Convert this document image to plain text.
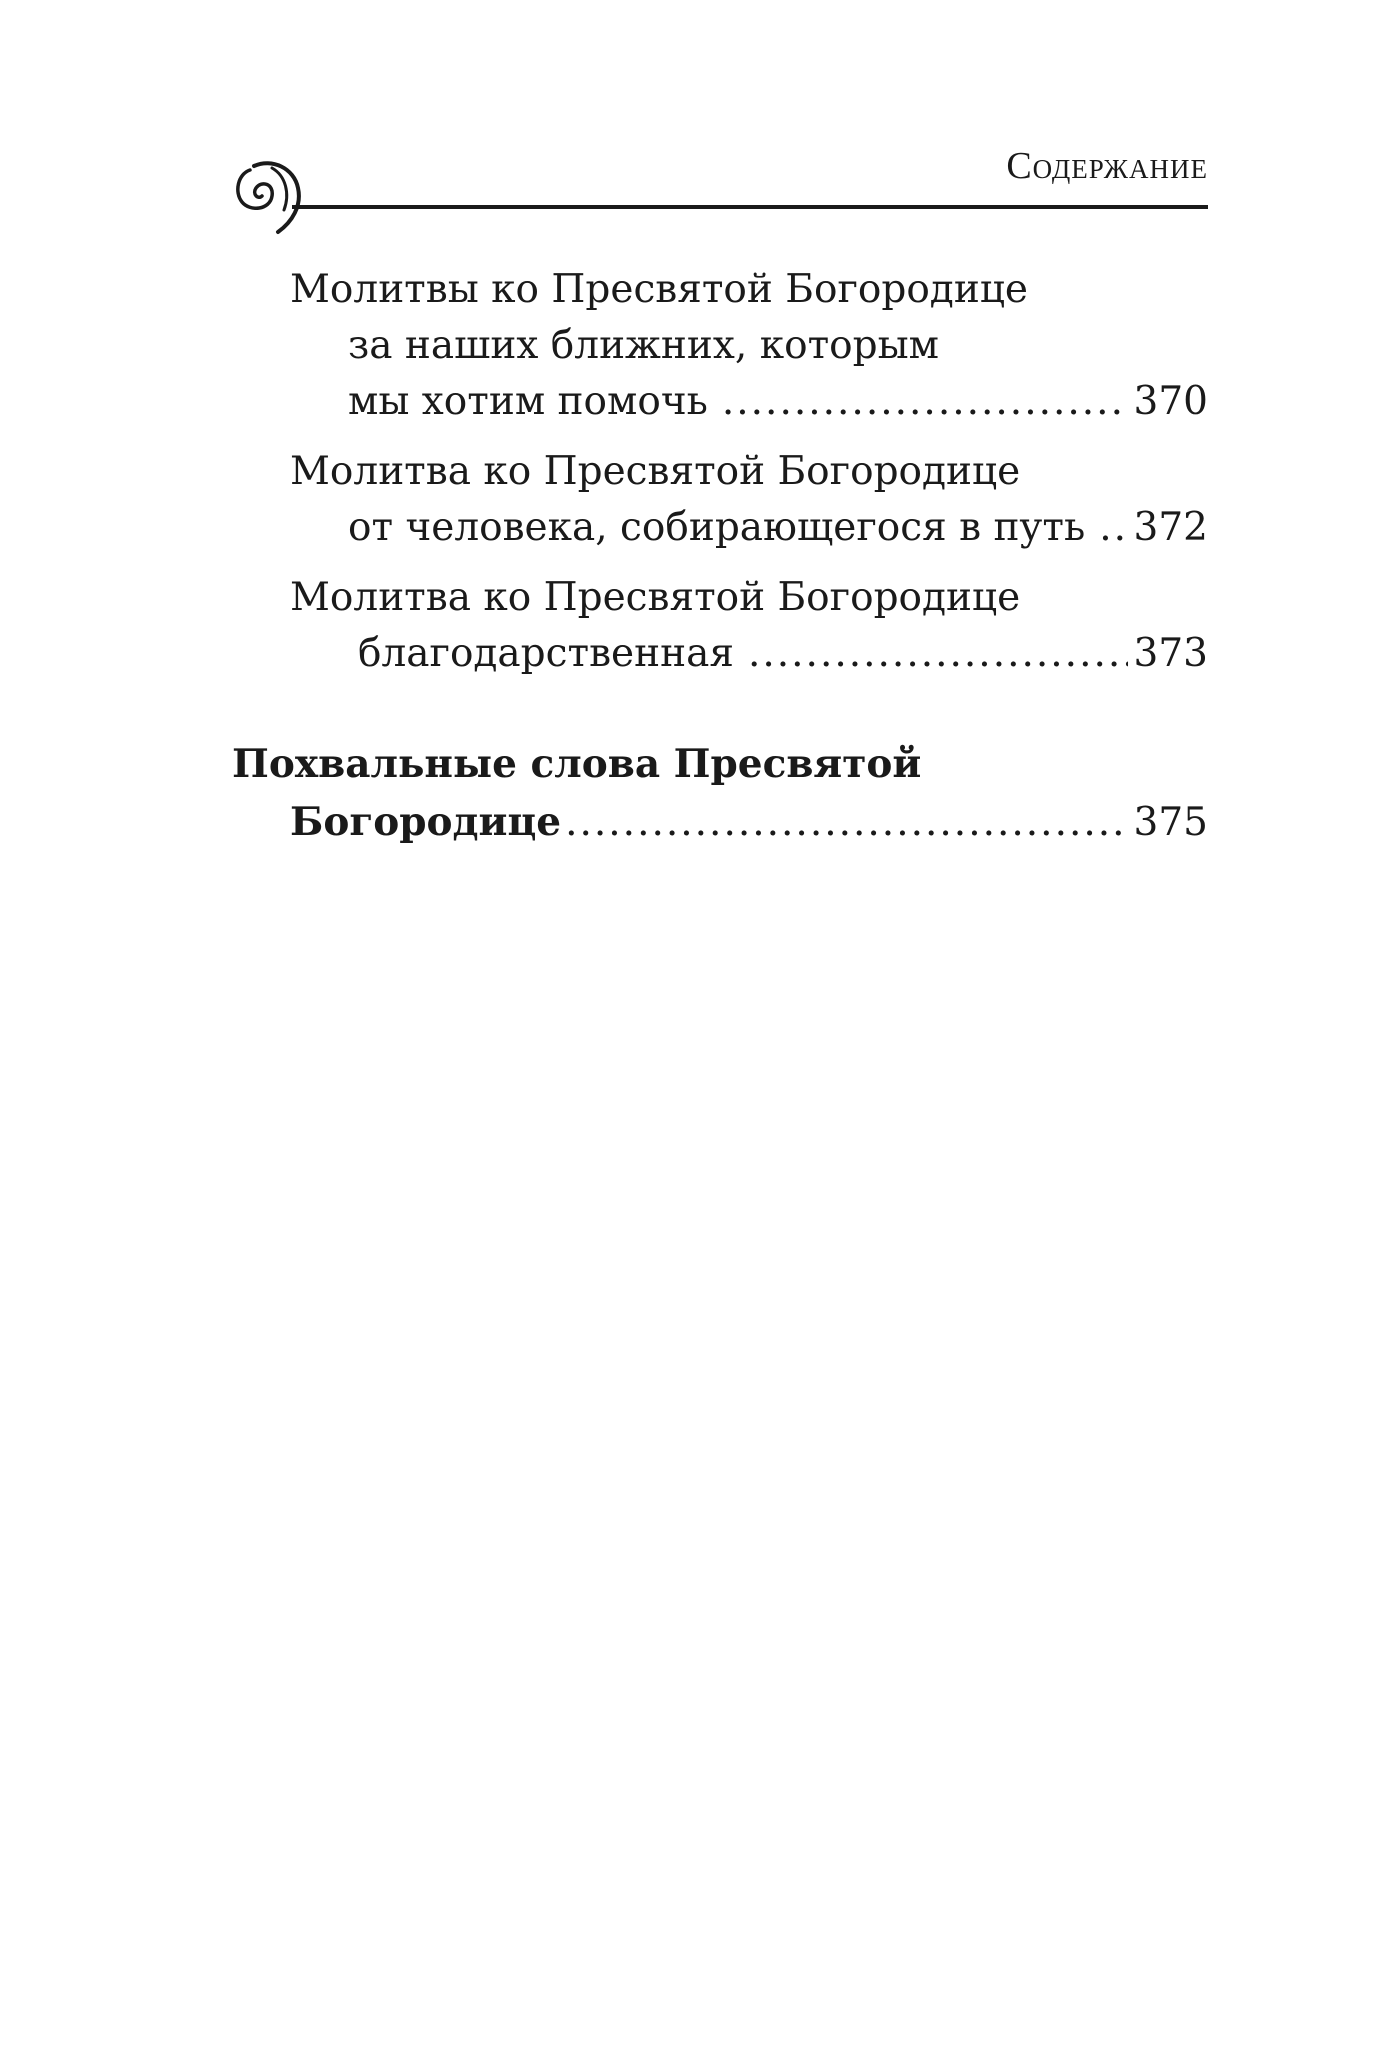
Содержание
Молитвы ко Пресвятой Богородице
за наших ближних, которым
мы хотим помочь .....	370
Молитва ко Пресвятой Богородице
от человека, собирающегося в путь ..... 372
Молитва ко Пресвятой Богородице
благодарственная .....	373
Похвальные слова Пресвятой
Богородице .....	375
